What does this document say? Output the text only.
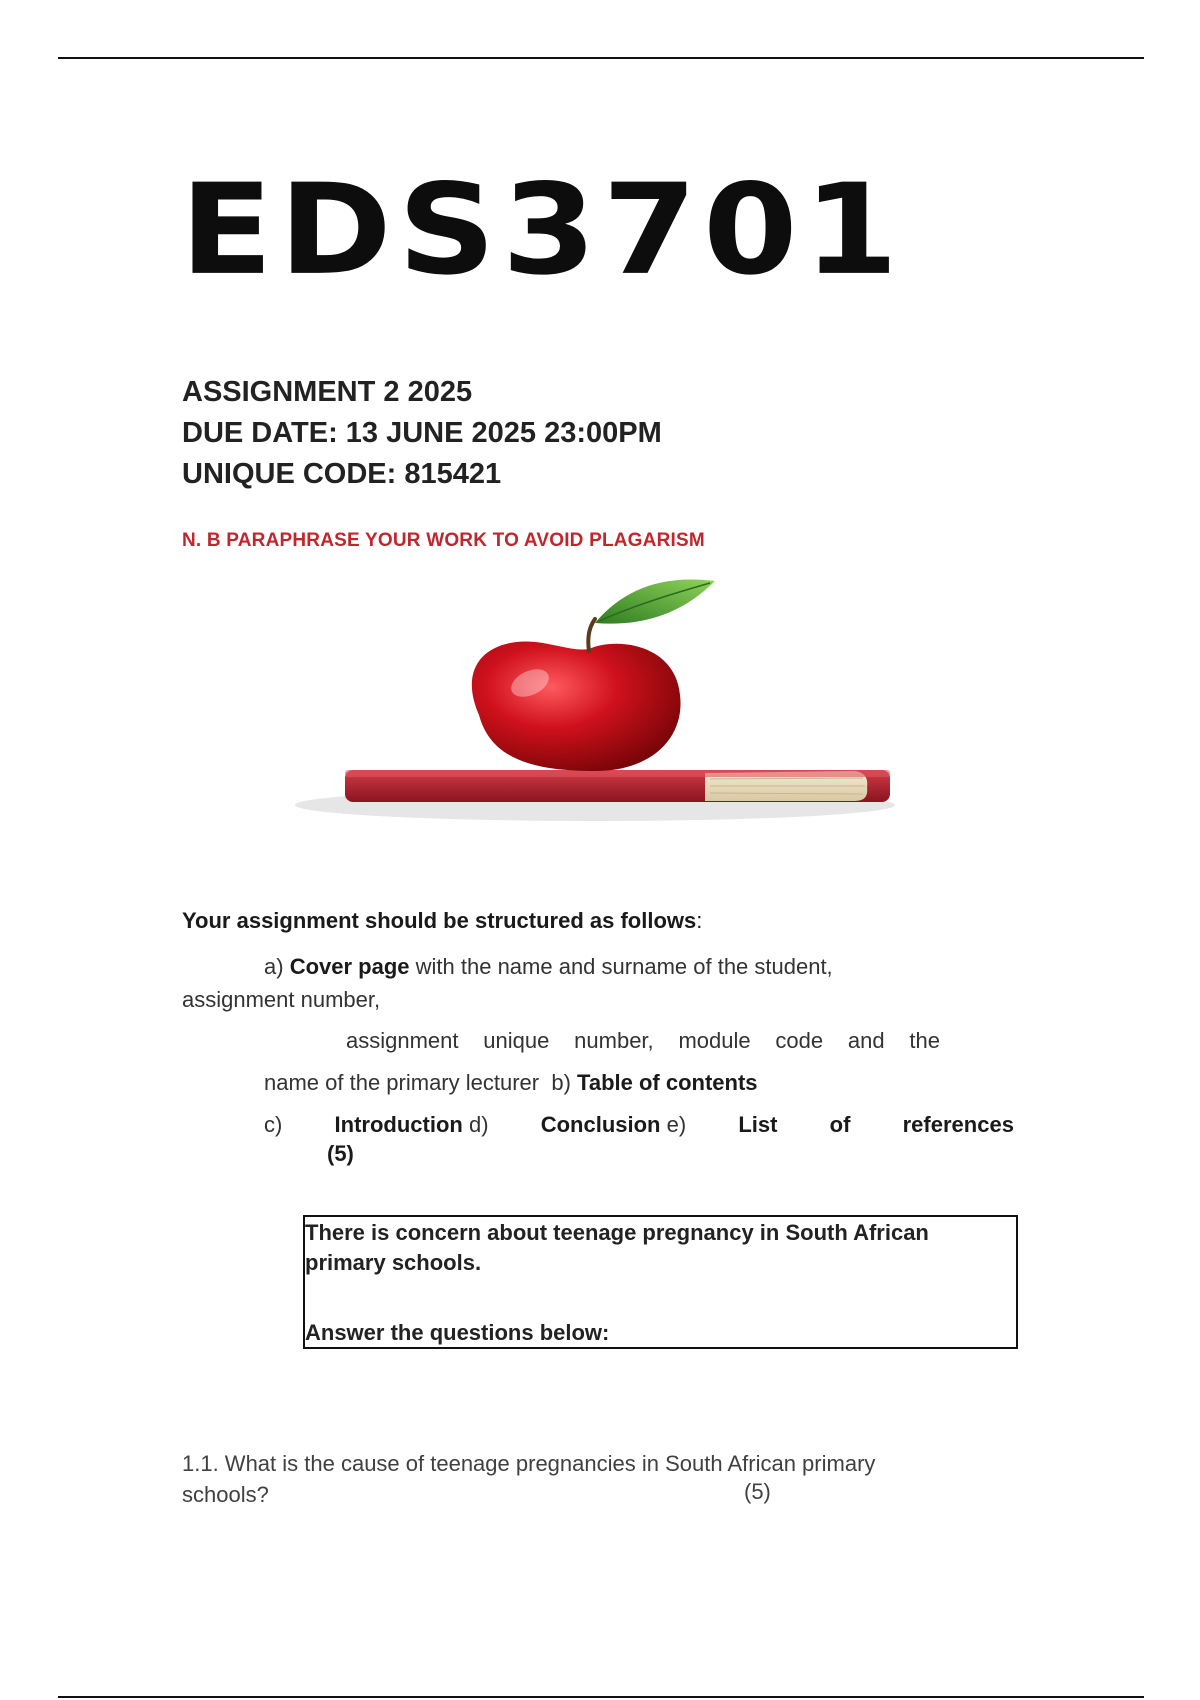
EDS3701
ASSIGNMENT 2 2025
DUE DATE: 13 JUNE 2025 23:00PM
UNIQUE CODE: 815421
N. B PARAPHRASE YOUR WORK TO AVOID PLAGARISM
Your assignment should be structured as follows:
a) Cover page with the name and surname of the student,
assignment number,
assignment unique number, module code and the
name of the primary lecturer b) Table of contents
c) Introduction d) Conclusion e) List of references
(5)
There is concern about teenage pregnancy in South African
primary schools.
Answer the questions below:
1.1. What is the cause of teenage pregnancies in South African primary
schools?	(5)
